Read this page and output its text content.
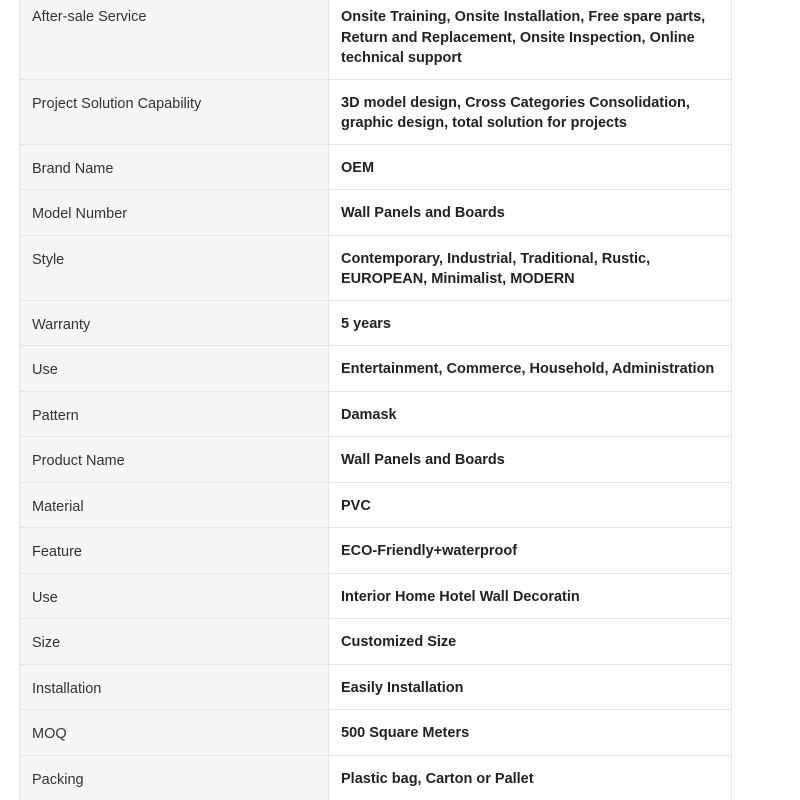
After-sale Service	Onsite Training, Onsite Installation, Free spare parts, Return and Replacement, Onsite Inspection, Online technical support
Project Solution Capability	3D model design, Cross Categories Consolidation, graphic design, total solution for projects
Brand Name	OEM
Model Number	Wall Panels and Boards
Style	Contemporary, Industrial, Traditional, Rustic, EUROPEAN, Minimalist, MODERN
Warranty	5 years
Use	Entertainment, Commerce, Household, Administration
Pattern	Damask
Product Name	Wall Panels and Boards
Material	PVC
Feature	ECO-Friendly+waterproof
Use	Interior Home Hotel Wall Decoratin
Size	Customized Size
Installation	Easily Installation
MOQ	500 Square Meters
Packing	Plastic bag, Carton or Pallet
